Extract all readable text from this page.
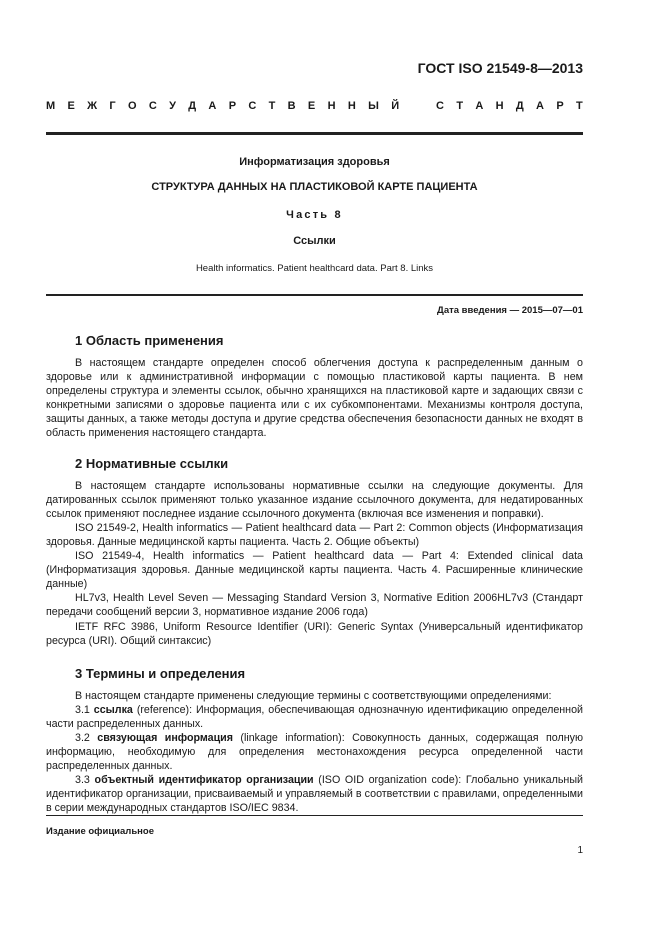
ГОСТ ISO 21549-8—2013

М Е Ж Г О С У Д А Р С Т В Е Н Н Ы Й	С Т А Н Д А Р Т

Информатизация здоровья

СТРУКТУРА ДАННЫХ НА ПЛАСТИКОВОЙ КАРТЕ ПАЦИЕНТА

Часть 8

Ссылки

Health informatics. Patient healthcard data. Part 8. Links

Дата введения — 2015—07—01

1 Область применения

В настоящем стандарте определен способ облегчения доступа к распределенным данным о здоровье или к административной информации с помощью пластиковой карты пациента. В нем определены структура и элементы ссылок, обычно хранящихся на пластиковой карте и задающих связи с конкретными записями о здоровье пациента или с их субкомпонентами. Механизмы контроля доступа, защиты данных, а также методы доступа и другие средства обеспечения безопасности данных не входят в область применения настоящего стандарта.

2 Нормативные ссылки

В настоящем стандарте использованы нормативные ссылки на следующие документы. Для датированных ссылок применяют только указанное издание ссылочного документа, для недатированных ссылок применяют последнее издание ссылочного документа (включая все изменения и поправки).

ISO 21549-2, Health informatics — Patient healthcard data — Part 2: Common objects (Информатизация здоровья. Данные медицинской карты пациента. Часть 2. Общие объекты)

ISO 21549-4, Health informatics — Patient healthcard data — Part 4: Extended clinical data (Информатизация здоровья. Данные медицинской карты пациента. Часть 4. Расширенные клинические данные)

HL7v3, Health Level Seven — Messaging Standard Version 3, Normative Edition 2006HL7v3 (Стандарт передачи сообщений версии 3, нормативное издание 2006 года)

IETF RFC 3986, Uniform Resource Identifier (URI): Generic Syntax (Универсальный идентификатор ресурса (URI). Общий синтаксис)

3 Термины и определения

В настоящем стандарте применены следующие термины с соответствующими определениями:

3.1 ссылка (reference): Информация, обеспечивающая однозначную идентификацию определенной части распределенных данных.

3.2 связующая информация (linkage information): Совокупность данных, содержащая полную информацию, необходимую для определения местонахождения ресурса определенной части распределенных данных.

3.3 объектный идентификатор организации (ISO OID organization code): Глобально уникальный идентификатор организации, присваиваемый и управляемый в соответствии с правилами, определенными в серии международных стандартов ISO/IEC 9834.

Издание официальное

1
